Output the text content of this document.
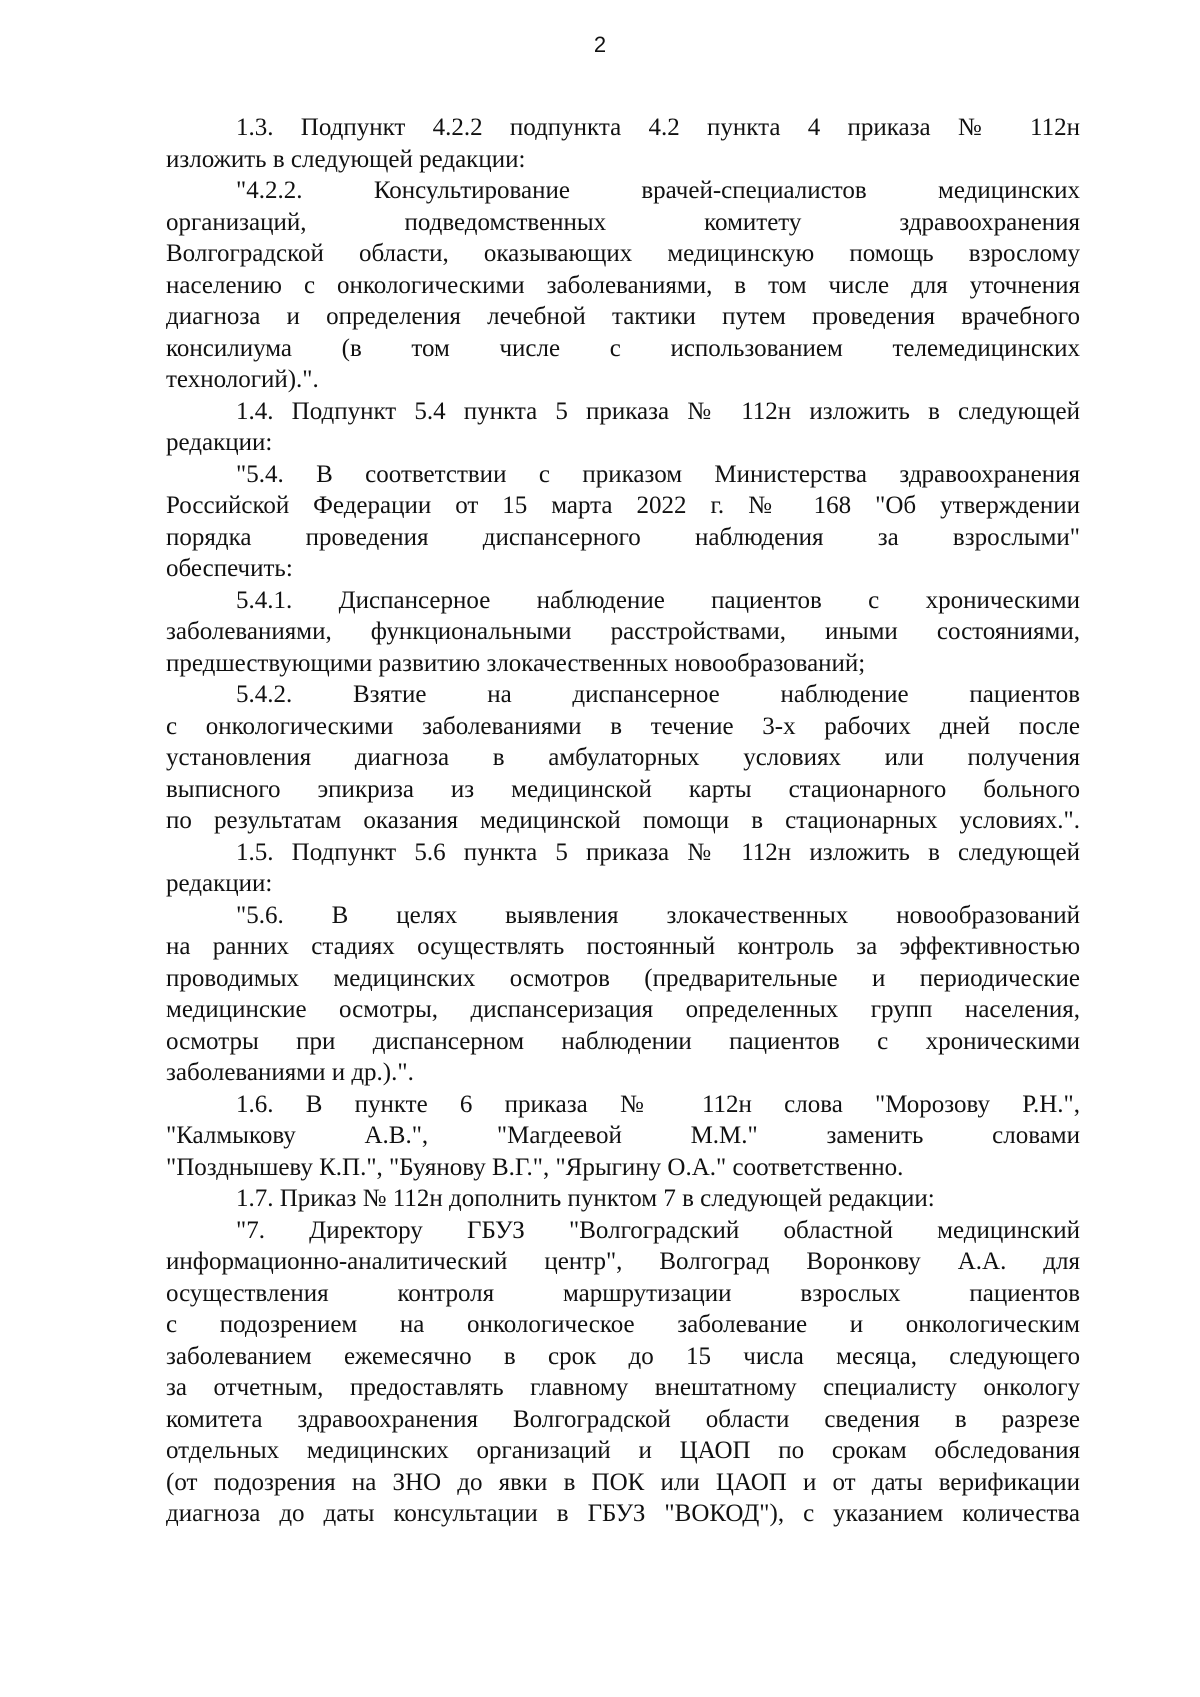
2
1.3. Подпункт 4.2.2 подпункта 4.2 пункта 4 приказа № 112н
изложить в следующей редакции:
"4.2.2. Консультирование врачей-специалистов медицинских
организаций, подведомственных комитету здравоохранения
Волгоградской области, оказывающих медицинскую помощь взрослому
населению с онкологическими заболеваниями, в том числе для уточнения
диагноза и определения лечебной тактики путем проведения врачебного
консилиума (в том числе с использованием телемедицинских
технологий).".
1.4. Подпункт 5.4 пункта 5 приказа № 112н изложить в следующей
редакции:
"5.4. В соответствии с приказом Министерства здравоохранения
Российской Федерации от 15 марта 2022 г. № 168 "Об утверждении
порядка проведения диспансерного наблюдения за взрослыми"
обеспечить:
5.4.1. Диспансерное наблюдение пациентов с хроническими
заболеваниями, функциональными расстройствами, иными состояниями,
предшествующими развитию злокачественных новообразований;
5.4.2. Взятие на диспансерное наблюдение пациентов
с онкологическими заболеваниями в течение 3-х рабочих дней после
установления диагноза в амбулаторных условиях или получения
выписного эпикриза из медицинской карты стационарного больного
по результатам оказания медицинской помощи в стационарных условиях.".
1.5. Подпункт 5.6 пункта 5 приказа № 112н изложить в следующей
редакции:
"5.6. В целях выявления злокачественных новообразований
на ранних стадиях осуществлять постоянный контроль за эффективностью
проводимых медицинских осмотров (предварительные и периодические
медицинские осмотры, диспансеризация определенных групп населения,
осмотры при диспансерном наблюдении пациентов с хроническими
заболеваниями и др.).".
1.6. В пункте 6 приказа № 112н слова "Морозову Р.Н.",
"Калмыкову А.В.", "Магдеевой М.М." заменить словами
"Позднышеву К.П.", "Буянову В.Г.", "Ярыгину О.А." соответственно.
1.7. Приказ № 112н дополнить пунктом 7 в следующей редакции:
"7. Директору ГБУЗ "Волгоградский областной медицинский
информационно-аналитический центр", Волгоград Воронкову А.А. для
осуществления контроля маршрутизации взрослых пациентов
с подозрением на онкологическое заболевание и онкологическим
заболеванием ежемесячно в срок до 15 числа месяца, следующего
за отчетным, предоставлять главному внештатному специалисту онкологу
комитета здравоохранения Волгоградской области сведения в разрезе
отдельных медицинских организаций и ЦАОП по срокам обследования
(от подозрения на ЗНО до явки в ПОК или ЦАОП и от даты верификации
диагноза до даты консультации в ГБУЗ "ВОКОД"), с указанием количества
